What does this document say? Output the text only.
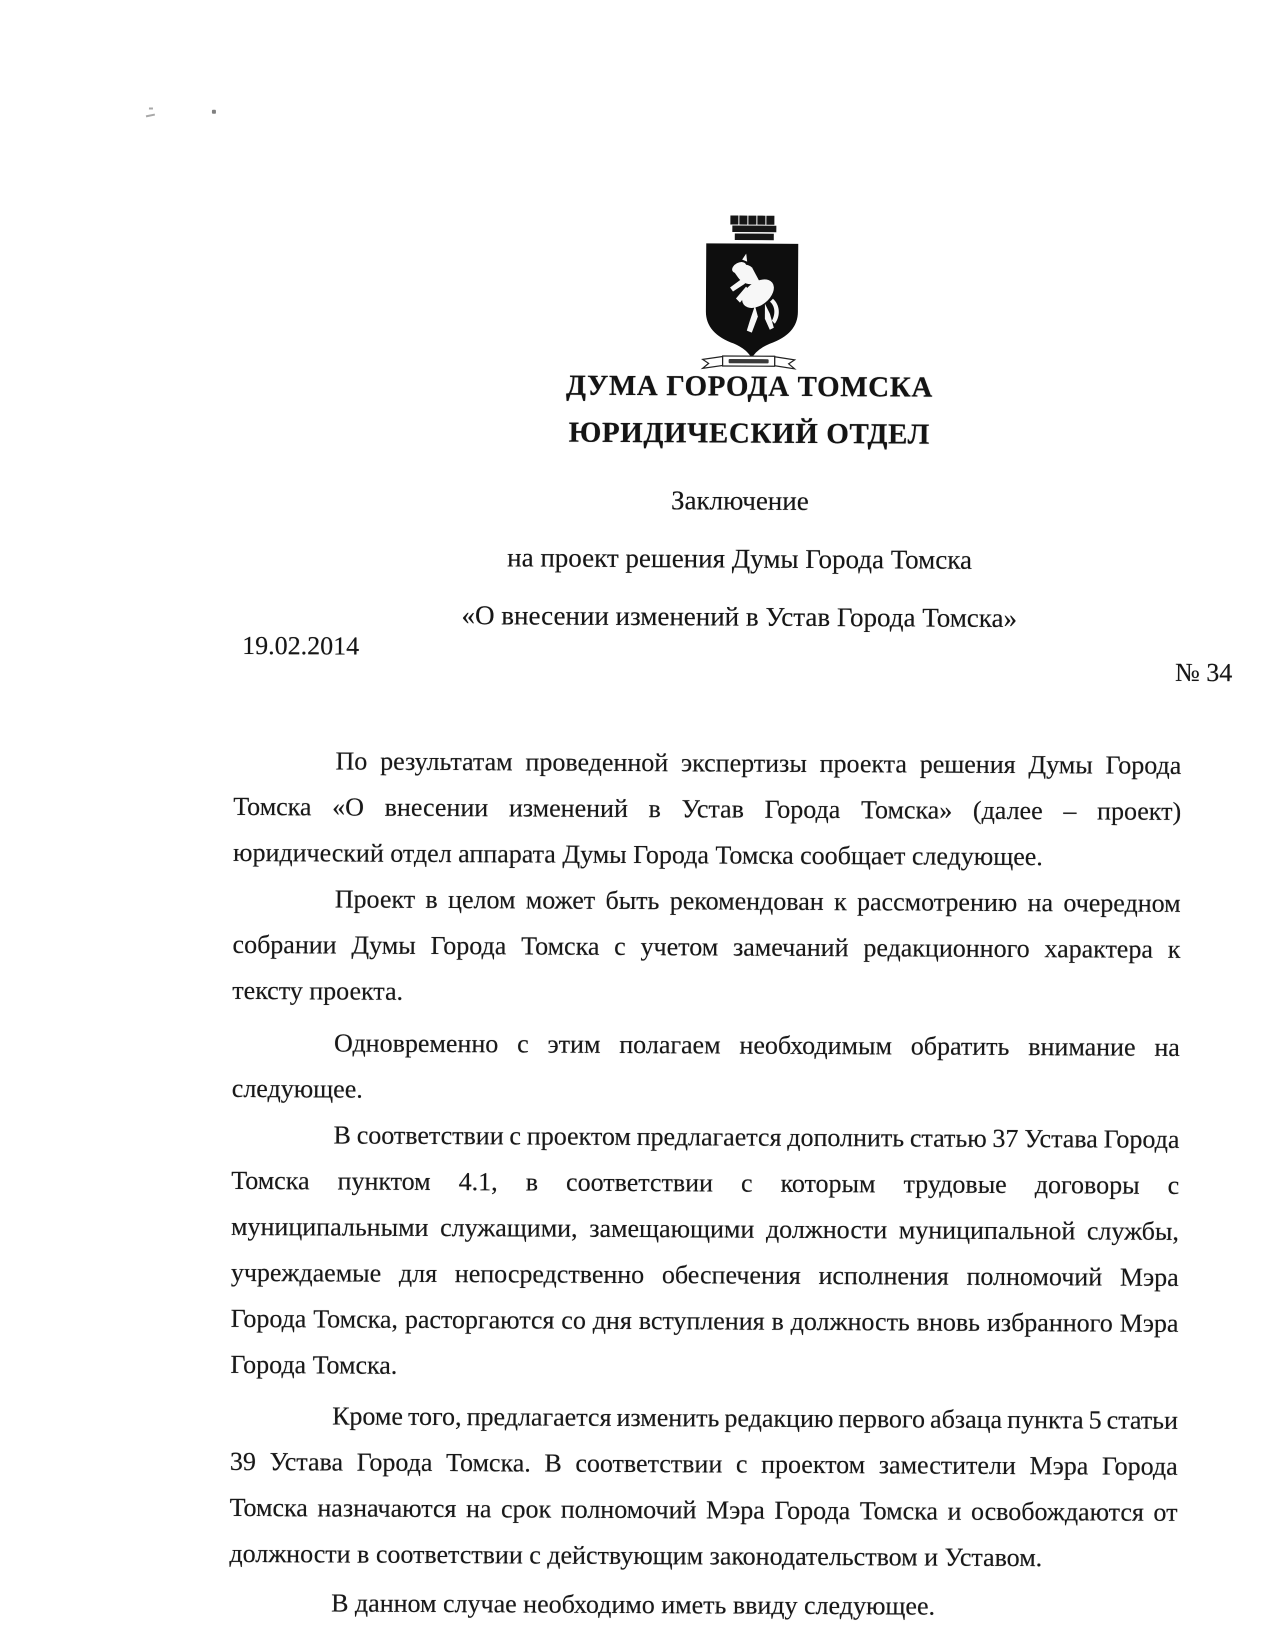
ДУМА ГОРОДА ТОМСКА
ЮРИДИЧЕСКИЙ ОТДЕЛ
Заключение
на проект решения Думы Города Томска
«О внесении изменений в Устав Города Томска»
19.02.2014
№ 34
По результатам проведенной экспертизы проекта решения Думы Города
Томска «О внесении изменений в Устав Города Томска» (далее – проект)
юридический отдел аппарата Думы Города Томска сообщает следующее.
Проект в целом может быть рекомендован к рассмотрению на очередном
собрании Думы Города Томска с учетом замечаний редакционного характера к
тексту проекта.
Одновременно с этим полагаем необходимым обратить внимание на
следующее.
В соответствии с проектом предлагается дополнить статью 37 Устава Города
Томска пунктом 4.1, в соответствии с которым трудовые договоры с
муниципальными служащими, замещающими должности муниципальной службы,
учреждаемые для непосредственно обеспечения исполнения полномочий Мэра
Города Томска, расторгаются со дня вступления в должность вновь избранного Мэра
Города Томска.
Кроме того, предлагается изменить редакцию первого абзаца пункта 5 статьи
39 Устава Города Томска. В соответствии с проектом заместители Мэра Города
Томска назначаются на срок полномочий Мэра Города Томска и освобождаются от
должности в соответствии с действующим законодательством и Уставом.
В данном случае необходимо иметь ввиду следующее.
